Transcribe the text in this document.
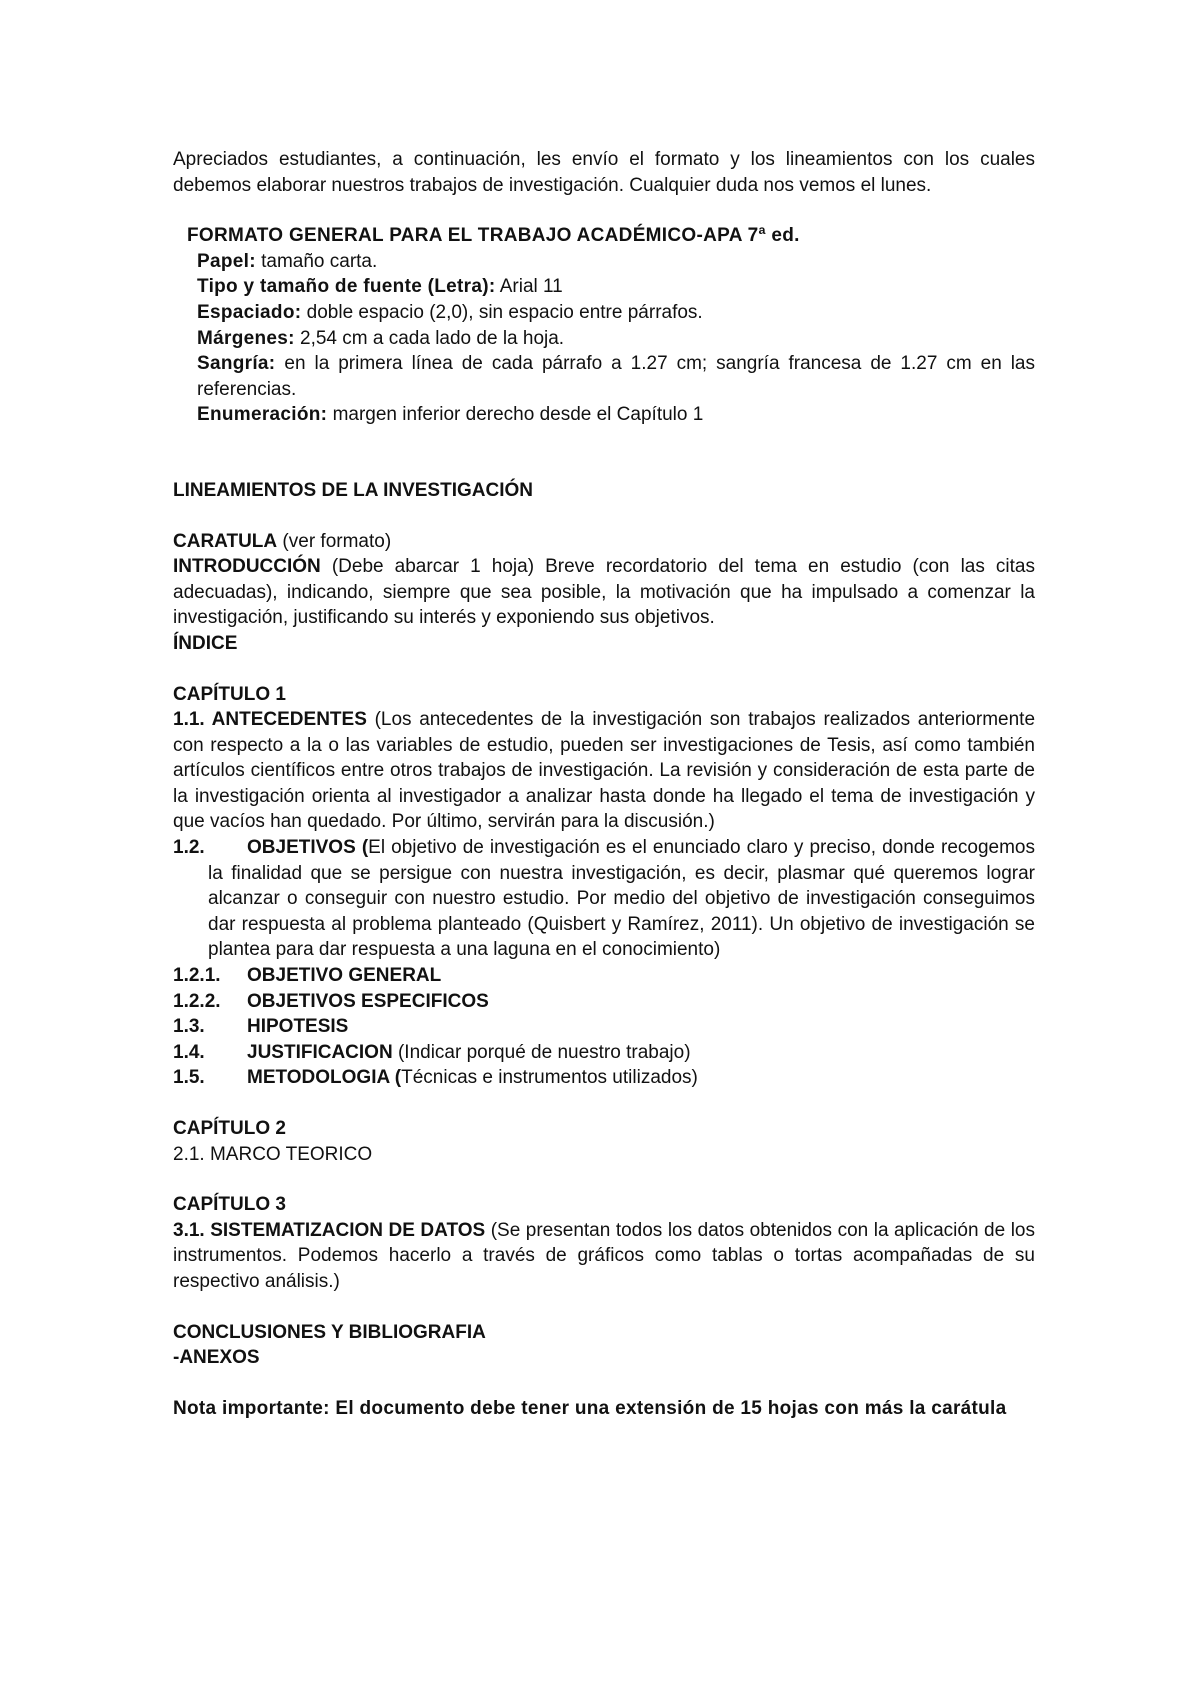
Apreciados estudiantes, a continuación, les envío el formato y los lineamientos con los cuales debemos elaborar nuestros trabajos de investigación. Cualquier duda nos vemos el lunes.

FORMATO GENERAL PARA EL TRABAJO ACADÉMICO-APA 7ª ed.
Papel: tamaño carta.
Tipo y tamaño de fuente (Letra): Arial 11
Espaciado: doble espacio (2,0), sin espacio entre párrafos.
Márgenes: 2,54 cm a cada lado de la hoja.
Sangría: en la primera línea de cada párrafo a 1.27 cm; sangría francesa de 1.27 cm en las referencias.
Enumeración: margen inferior derecho desde el Capítulo 1
LINEAMIENTOS DE LA INVESTIGACIÓN
CARATULA (ver formato)

INTRODUCCIÓN (Debe abarcar 1 hoja) Breve recordatorio del tema en estudio (con las citas adecuadas), indicando, siempre que sea posible, la motivación que ha impulsado a comenzar la investigación, justificando su interés y exponiendo sus objetivos.

ÍNDICE
CAPÍTULO 1

1.1. ANTECEDENTES (Los antecedentes de la investigación son trabajos realizados anteriormente con respecto a la o las variables de estudio, pueden ser investigaciones de Tesis, así como también artículos científicos entre otros trabajos de investigación. La revisión y consideración de esta parte de la investigación orienta al investigador a analizar hasta donde ha llegado el tema de investigación y que vacíos han quedado. Por último, servirán para la discusión.)

1.2. OBJETIVOS (El objetivo de investigación es el enunciado claro y preciso, donde recogemos la finalidad que se persigue con nuestra investigación, es decir, plasmar qué queremos lograr alcanzar o conseguir con nuestro estudio. Por medio del objetivo de investigación conseguimos dar respuesta al problema planteado (Quisbert y Ramírez, 2011). Un objetivo de investigación se plantea para dar respuesta a una laguna en el conocimiento)

1.2.1. OBJETIVO GENERAL
1.2.2. OBJETIVOS ESPECIFICOS
1.3. HIPOTESIS
1.4. JUSTIFICACION (Indicar porqué de nuestro trabajo)
1.5. METODOLOGIA (Técnicas e instrumentos utilizados)
CAPÍTULO 2
2.1. MARCO TEORICO
CAPÍTULO 3

3.1. SISTEMATIZACION DE DATOS (Se presentan todos los datos obtenidos con la aplicación de los instrumentos. Podemos hacerlo a través de gráficos como tablas o tortas acompañadas de su respectivo análisis.)

CONCLUSIONES Y BIBLIOGRAFIA
-ANEXOS

Nota importante: El documento debe tener una extensión de 15 hojas con más la carátula
